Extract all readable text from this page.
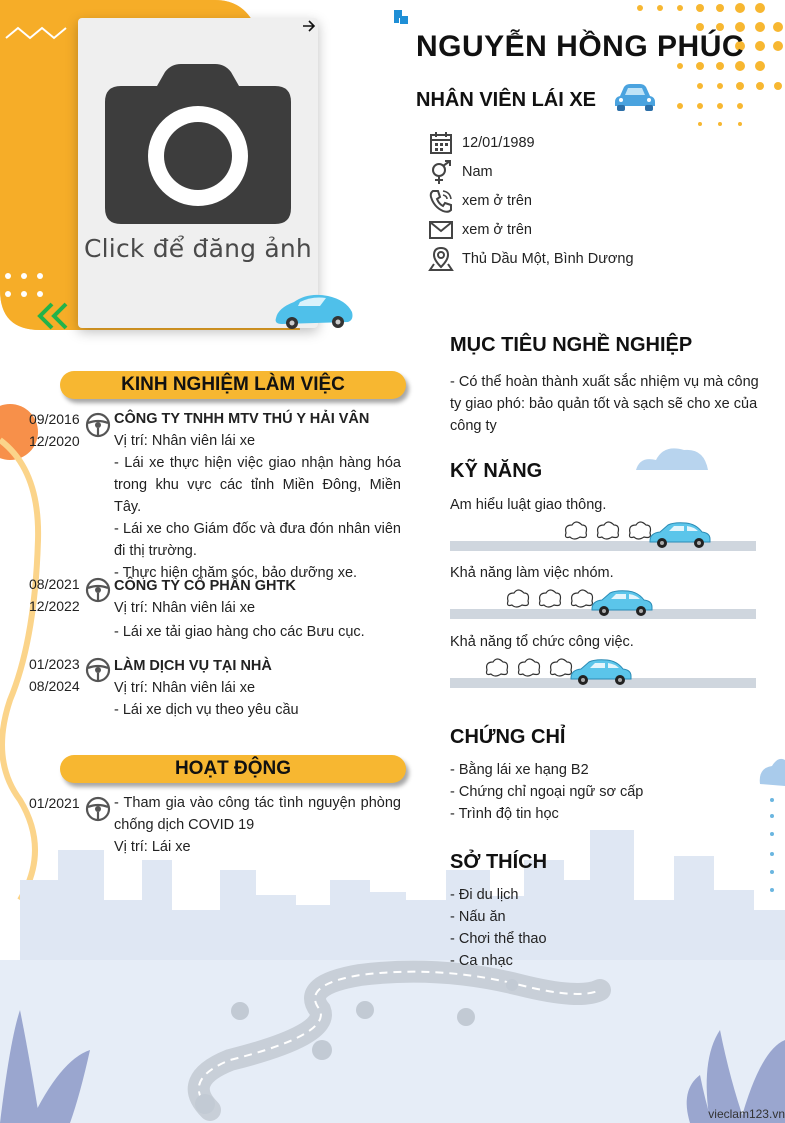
Click để đăng ảnh
NGUYỄN HỒNG PHÚC
NHÂN VIÊN LÁI XE
12/01/1989
Nam
xem ở trên
xem ở trên
Thủ Dầu Một, Bình Dương
KINH NGHIỆM LÀM VIỆC
09/2016
12/2020
CÔNG TY TNHH MTV THÚ Y HẢI VÂN
Vị trí: Nhân viên lái xe
- Lái xe thực hiện việc giao nhận hàng hóa trong khu vực các tỉnh Miền Đông, Miền Tây.
- Lái xe cho Giám đốc và đưa đón nhân viên đi thị trường.
- Thực hiện chăm sóc, bảo dưỡng xe.
08/2021
12/2022
CÔNG TY CỔ PHẦN GHTK
Vị trí: Nhân viên lái xe
- Lái xe tải giao hàng cho các Bưu cục.
01/2023
08/2024
LÀM DỊCH VỤ TẠI NHÀ
Vị trí: Nhân viên lái xe
- Lái xe dịch vụ theo yêu cầu
HOẠT ĐỘNG
01/2021 - Tham gia vào công tác tình nguyện phòng chống dịch COVID 19
Vị trí: Lái xe
MỤC TIÊU NGHỀ NGHIỆP
- Có thể hoàn thành xuất sắc nhiệm vụ mà công ty giao phó: bảo quản tốt và sạch sẽ cho xe của công ty
KỸ NĂNG
Am hiểu luật giao thông.
Khả năng làm việc nhóm.
Khả năng tổ chức công việc.
CHỨNG CHỈ
- Bằng lái xe hạng B2
- Chứng chỉ ngoại ngữ sơ cấp
- Trình độ tin học
SỞ THÍCH
- Đi du lịch
- Nấu ăn
- Chơi thể thao
- Ca nhạc
vieclam123.vn
